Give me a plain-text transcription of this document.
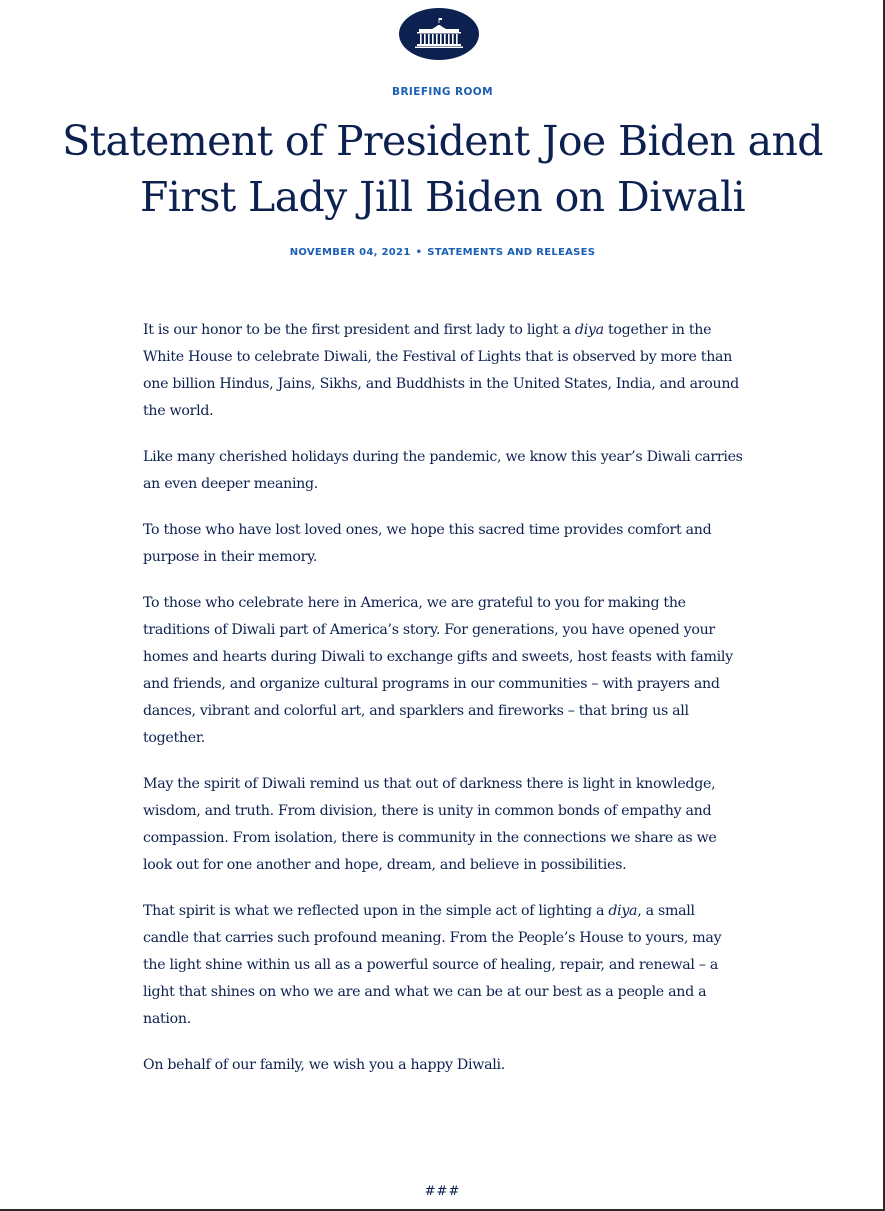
BRIEFING ROOM
Statement of President Joe Biden and
First Lady Jill Biden on Diwali
NOVEMBER 04, 2021 • STATEMENTS AND RELEASES

It is our honor to be the first president and first lady to light a diya together in the White House to celebrate Diwali, the Festival of Lights that is observed by more than one billion Hindus, Jains, Sikhs, and Buddhists in the United States, India, and around the world.

Like many cherished holidays during the pandemic, we know this year’s Diwali carries an even deeper meaning.

To those who have lost loved ones, we hope this sacred time provides comfort and purpose in their memory.

To those who celebrate here in America, we are grateful to you for making the traditions of Diwali part of America’s story. For generations, you have opened your homes and hearts during Diwali to exchange gifts and sweets, host feasts with family and friends, and organize cultural programs in our communities – with prayers and dances, vibrant and colorful art, and sparklers and fireworks – that bring us all together.

May the spirit of Diwali remind us that out of darkness there is light in knowledge, wisdom, and truth. From division, there is unity in common bonds of empathy and compassion. From isolation, there is community in the connections we share as we look out for one another and hope, dream, and believe in possibilities.

That spirit is what we reflected upon in the simple act of lighting a diya, a small candle that carries such profound meaning. From the People’s House to yours, may the light shine within us all as a powerful source of healing, repair, and renewal – a light that shines on who we are and what we can be at our best as a people and a nation.

On behalf of our family, we wish you a happy Diwali.

###
